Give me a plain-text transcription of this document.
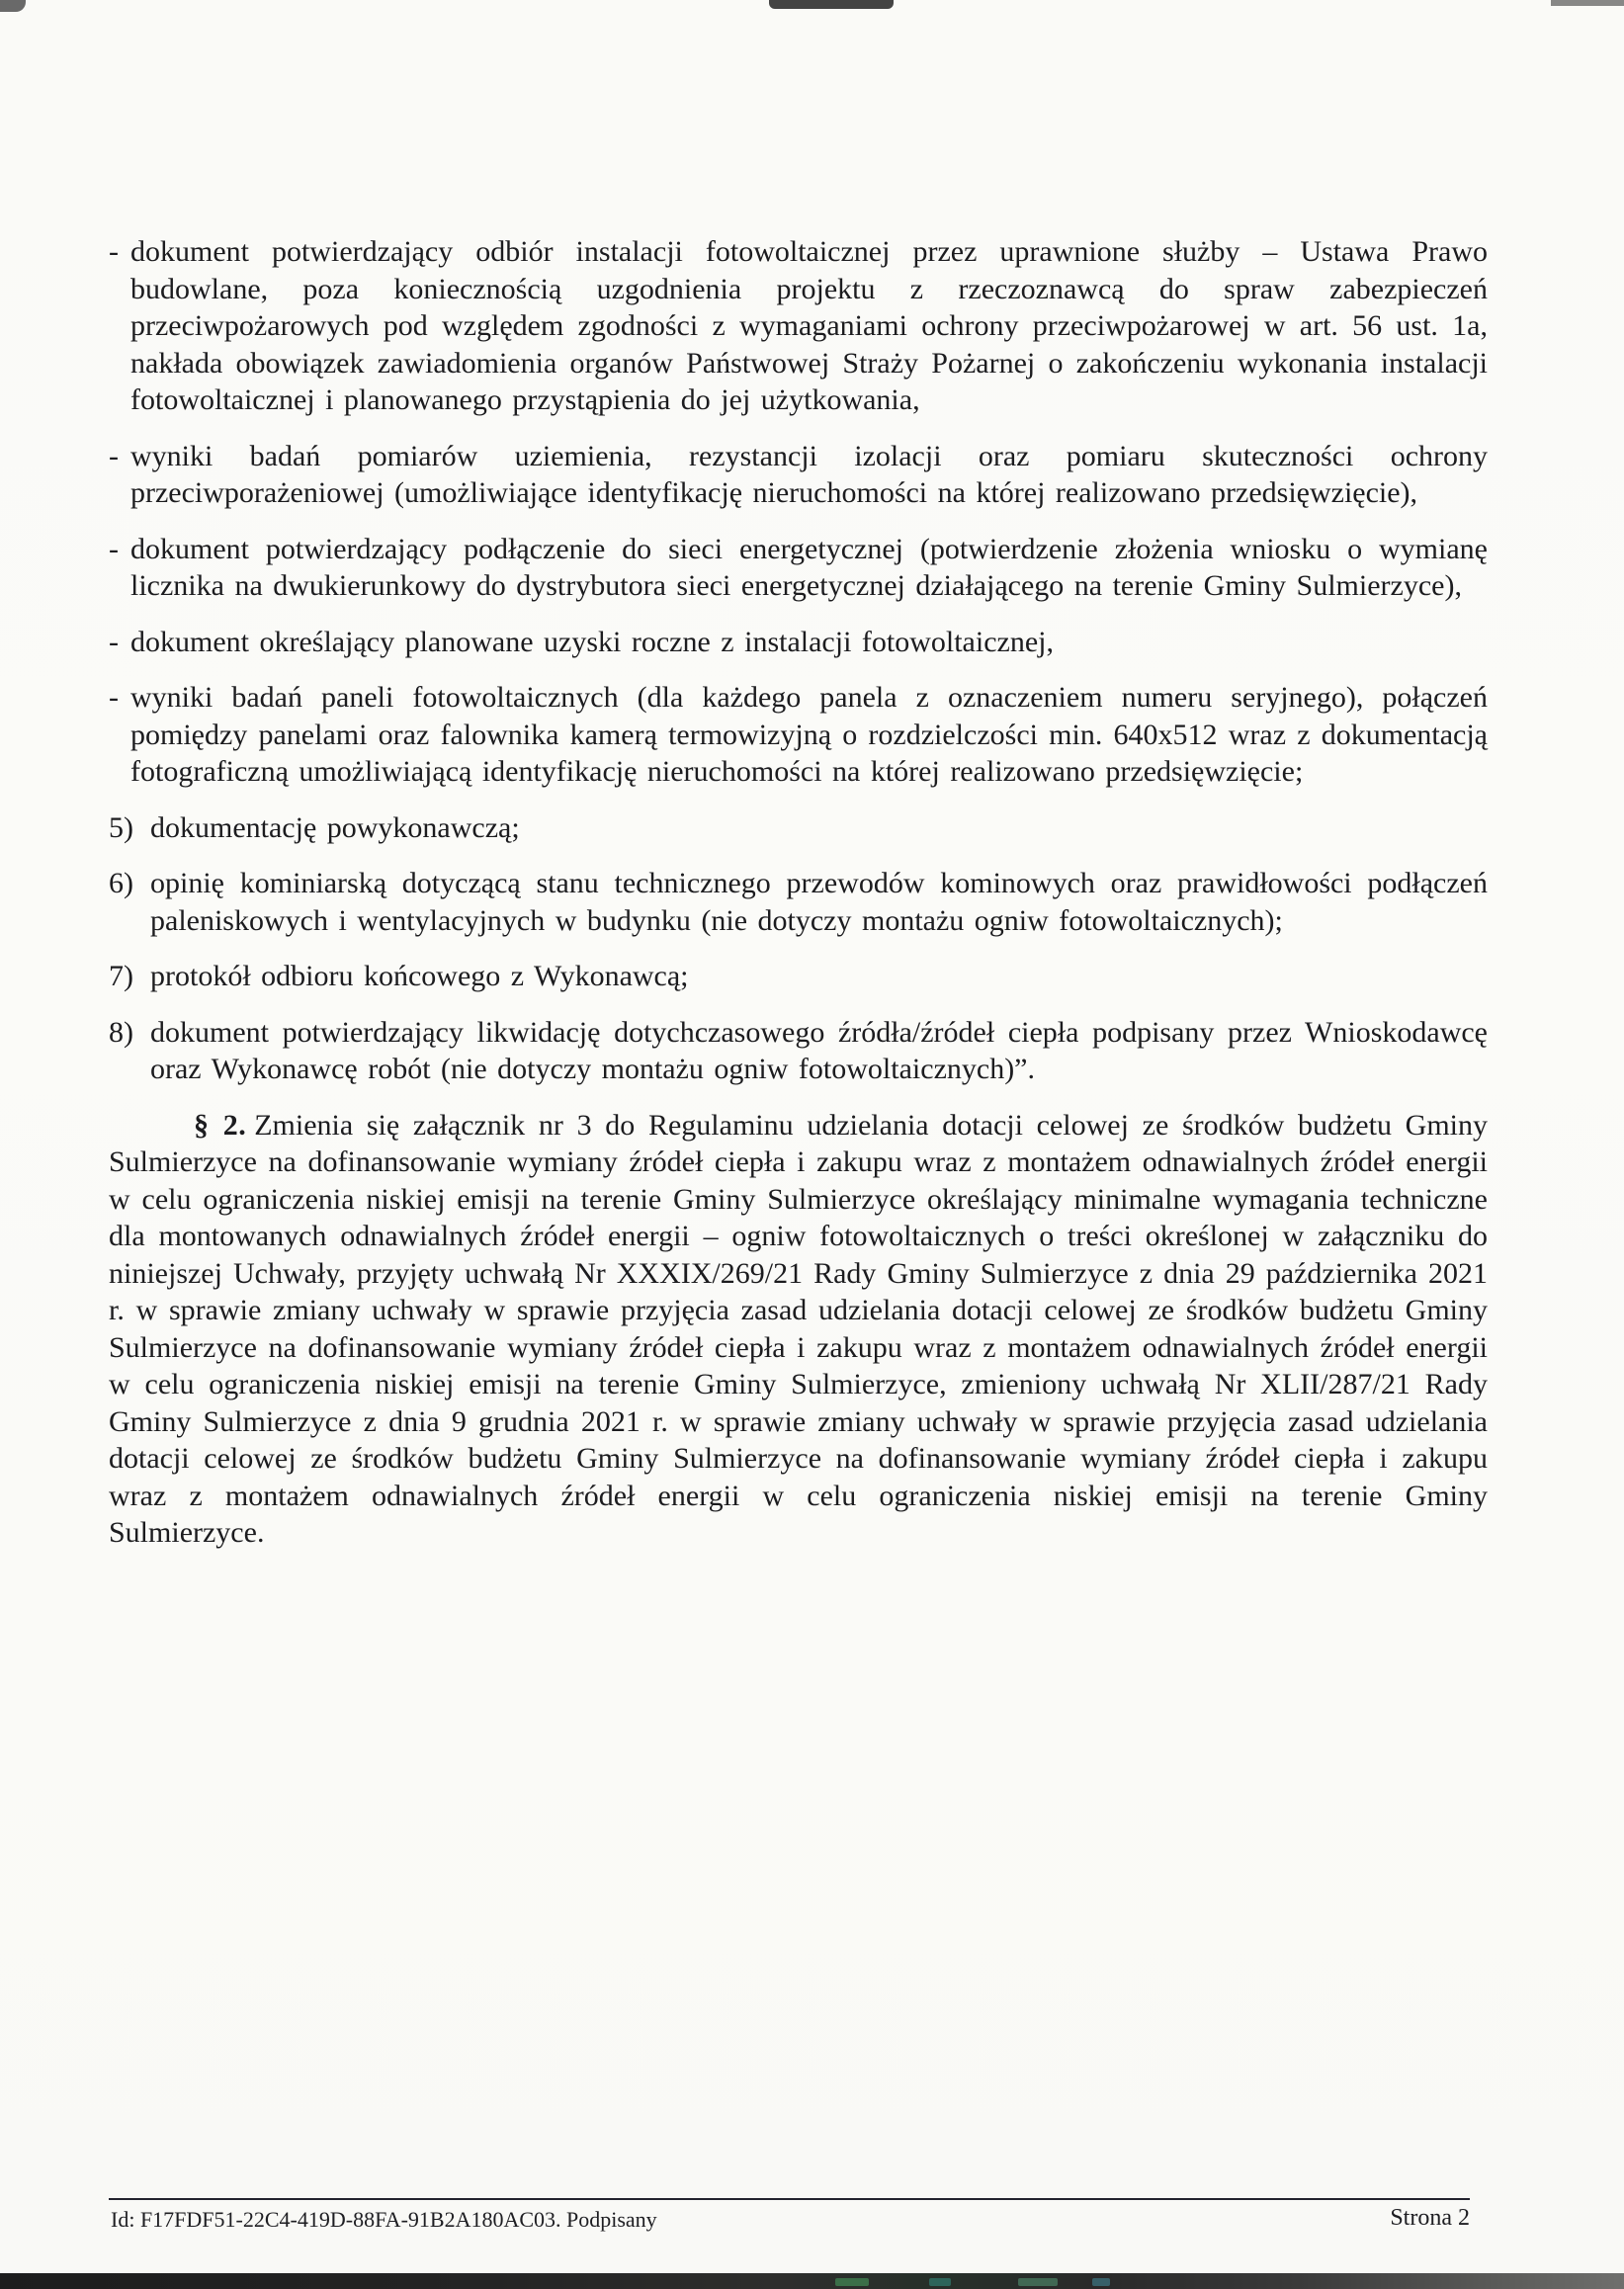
- dokument potwierdzający odbiór instalacji fotowoltaicznej przez uprawnione służby – Ustawa Prawo budowlane, poza koniecznością uzgodnienia projektu z rzeczoznawcą do spraw zabezpieczeń przeciwpożarowych pod względem zgodności z wymaganiami ochrony przeciwpożarowej w art. 56 ust. 1a, nakłada obowiązek zawiadomienia organów Państwowej Straży Pożarnej o zakończeniu wykonania instalacji fotowoltaicznej i planowanego przystąpienia do jej użytkowania,

- wyniki badań pomiarów uziemienia, rezystancji izolacji oraz pomiaru skuteczności ochrony przeciwporażeniowej (umożliwiające identyfikację nieruchomości na której realizowano przedsięwzięcie),

- dokument potwierdzający podłączenie do sieci energetycznej (potwierdzenie złożenia wniosku o wymianę licznika na dwukierunkowy do dystrybutora sieci energetycznej działającego na terenie Gminy Sulmierzyce),

- dokument określający planowane uzyski roczne z instalacji fotowoltaicznej,

- wyniki badań paneli fotowoltaicznych (dla każdego panela z oznaczeniem numeru seryjnego), połączeń pomiędzy panelami oraz falownika kamerą termowizyjną o rozdzielczości min. 640x512 wraz z dokumentacją fotograficzną umożliwiającą identyfikację nieruchomości na której realizowano przedsięwzięcie;

5) dokumentację powykonawczą;

6) opinię kominiarską dotyczącą stanu technicznego przewodów kominowych oraz prawidłowości podłączeń paleniskowych i wentylacyjnych w budynku (nie dotyczy montażu ogniw fotowoltaicznych);

7) protokół odbioru końcowego z Wykonawcą;

8) dokument potwierdzający likwidację dotychczasowego źródła/źródeł ciepła podpisany przez Wnioskodawcę oraz Wykonawcę robót (nie dotyczy montażu ogniw fotowoltaicznych)”.

§ 2. Zmienia się załącznik nr 3 do Regulaminu udzielania dotacji celowej ze środków budżetu Gminy Sulmierzyce na dofinansowanie wymiany źródeł ciepła i zakupu wraz z montażem odnawialnych źródeł energii w celu ograniczenia niskiej emisji na terenie Gminy Sulmierzyce określający minimalne wymagania techniczne dla montowanych odnawialnych źródeł energii – ogniw fotowoltaicznych o treści określonej w załączniku do niniejszej Uchwały, przyjęty uchwałą Nr XXXIX/269/21 Rady Gminy Sulmierzyce z dnia 29 października 2021 r. w sprawie zmiany uchwały w sprawie przyjęcia zasad udzielania dotacji celowej ze środków budżetu Gminy Sulmierzyce na dofinansowanie wymiany źródeł ciepła i zakupu wraz z montażem odnawialnych źródeł energii w celu ograniczenia niskiej emisji na terenie Gminy Sulmierzyce, zmieniony uchwałą Nr XLII/287/21 Rady Gminy Sulmierzyce z dnia 9 grudnia 2021 r. w sprawie zmiany uchwały w sprawie przyjęcia zasad udzielania dotacji celowej ze środków budżetu Gminy Sulmierzyce na dofinansowanie wymiany źródeł ciepła i zakupu wraz z montażem odnawialnych źródeł energii w celu ograniczenia niskiej emisji na terenie Gminy Sulmierzyce.

Id: F17FDF51-22C4-419D-88FA-91B2A180AC03. Podpisany	Strona 2
